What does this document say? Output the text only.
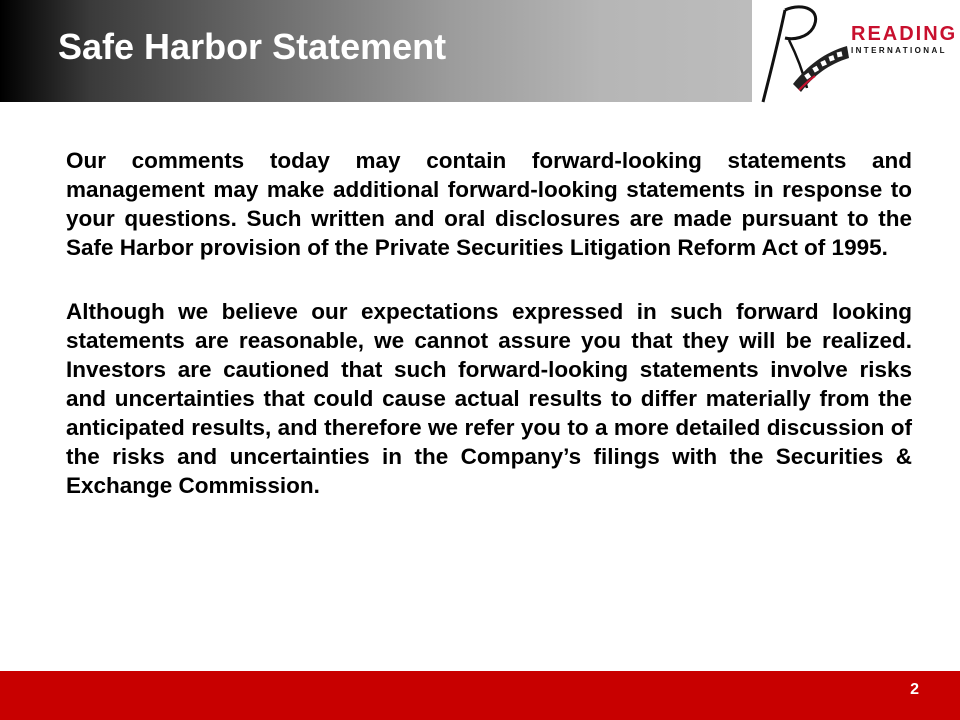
Safe Harbor Statement	READING
INTERNATIONAL

Our comments today may contain forward-looking statements and management may make additional forward-looking statements in response to your questions. Such written and oral disclosures are made pursuant to the Safe Harbor provision of the Private Securities Litigation Reform Act of 1995.

Although we believe our expectations expressed in such forward looking statements are reasonable, we cannot assure you that they will be realized. Investors are cautioned that such forward-looking statements involve risks and uncertainties that could cause actual results to differ materially from the anticipated results, and therefore we refer you to a more detailed discussion of the risks and uncertainties in the Company’s filings with the Securities & Exchange Commission.

2
